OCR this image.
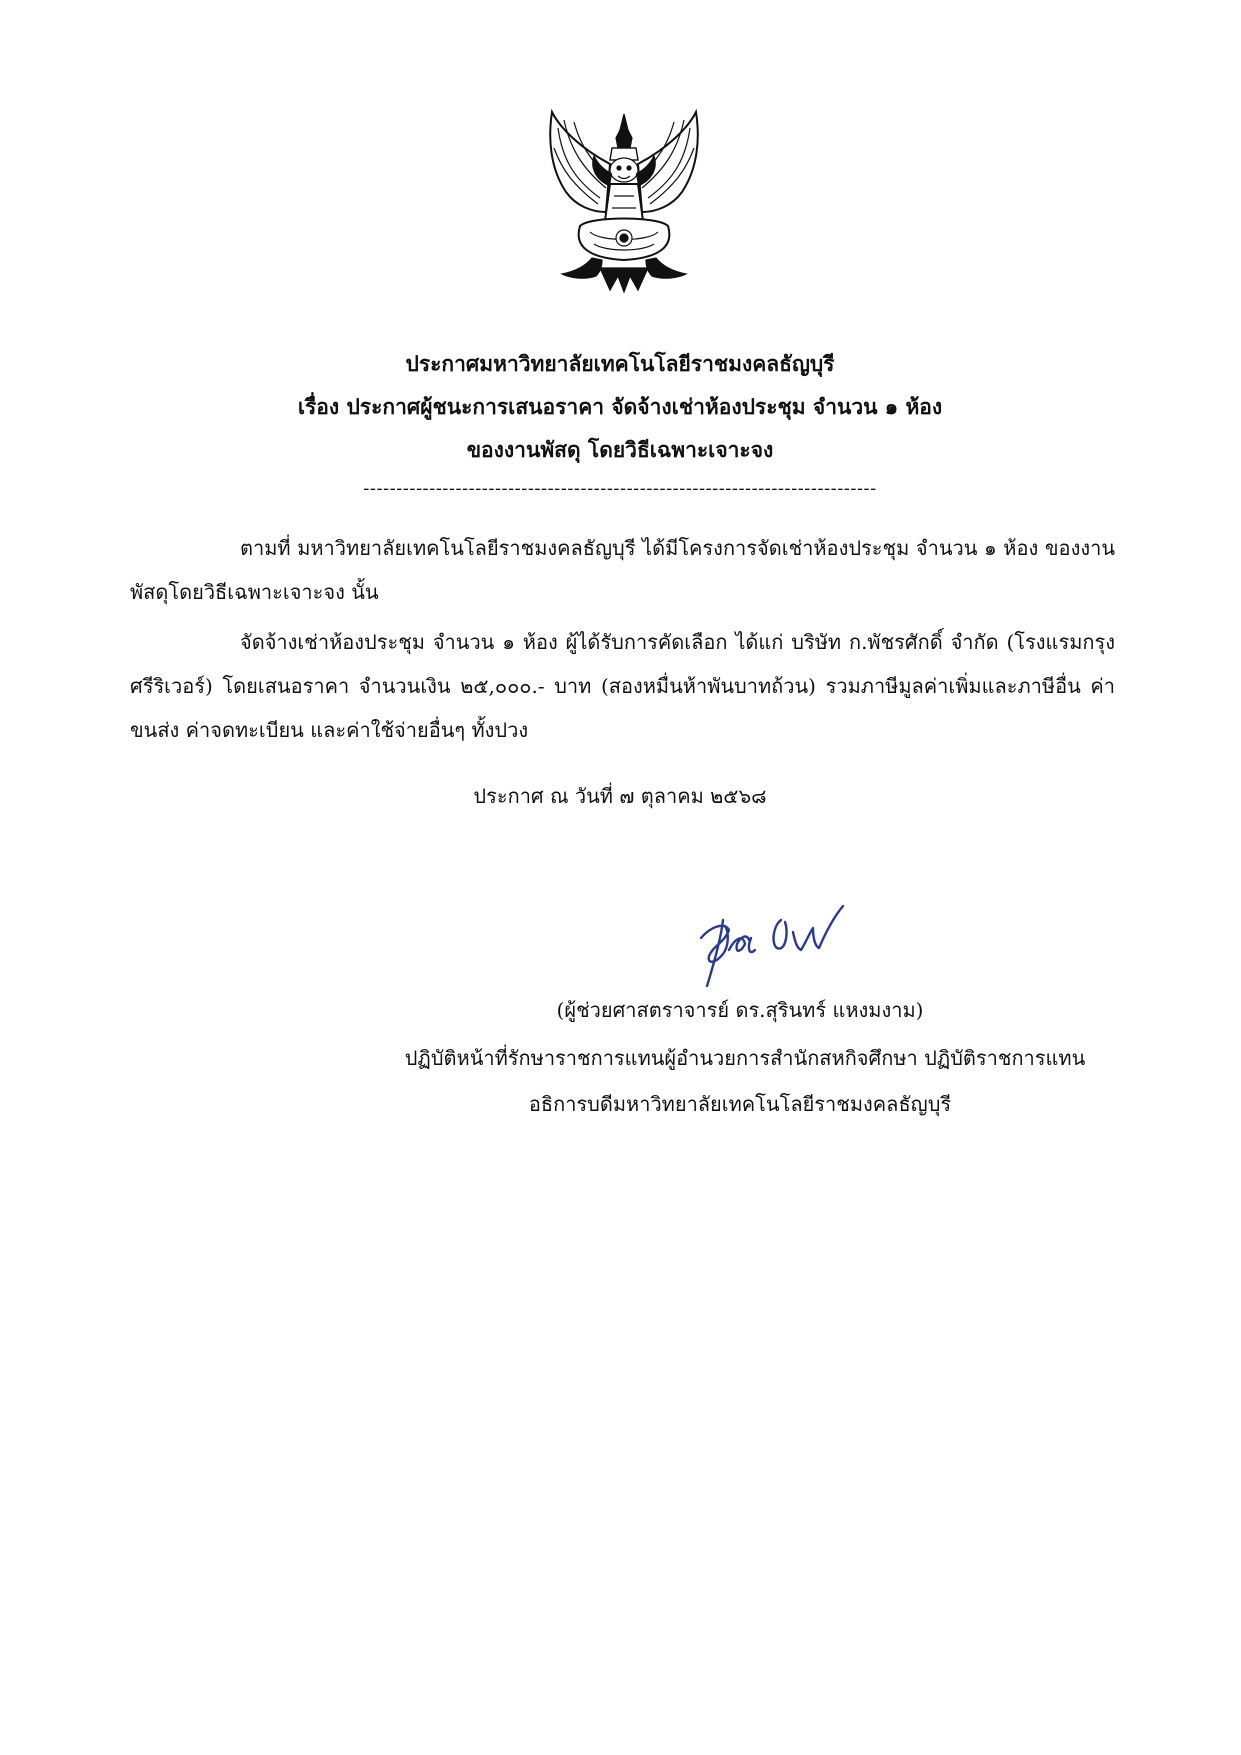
ประกาศมหาวิทยาลัยเทคโนโลยีราชมงคลธัญบุรี
เรื่อง ประกาศผู้ชนะการเสนอราคา จัดจ้างเช่าห้องประชุม จำนวน ๑ ห้อง
ของงานพัสดุ โดยวิธีเฉพาะเจาะจง
------------------------------------------------------------------------------
ตามที่ มหาวิทยาลัยเทคโนโลยีราชมงคลธัญบุรี ได้มีโครงการจัดเช่าห้องประชุม จำนวน ๑ ห้อง ของงานพัสดุโดยวิธีเฉพาะเจาะจง นั้น
จัดจ้างเช่าห้องประชุม จำนวน ๑ ห้อง ผู้ได้รับการคัดเลือก ได้แก่ บริษัท ก.พัชรศักดิ์ จำกัด (โรงแรมกรุงศรีริเวอร์) โดยเสนอราคา จำนวนเงิน ๒๕,๐๐๐.- บาท (สองหมื่นห้าพันบาทถ้วน) รวมภาษีมูลค่าเพิ่มและภาษีอื่น ค่าขนส่ง ค่าจดทะเบียน และค่าใช้จ่ายอื่นๆ ทั้งปวง
ประกาศ ณ วันที่ ๗ ตุลาคม ๒๕๖๘
(ผู้ช่วยศาสตราจารย์ ดร.สุรินทร์ แหงมงาม)
ปฏิบัติหน้าที่รักษาราชการแทนผู้อำนวยการสำนักสหกิจศึกษา ปฏิบัติราชการแทน
อธิการบดีมหาวิทยาลัยเทคโนโลยีราชมงคลธัญบุรี
